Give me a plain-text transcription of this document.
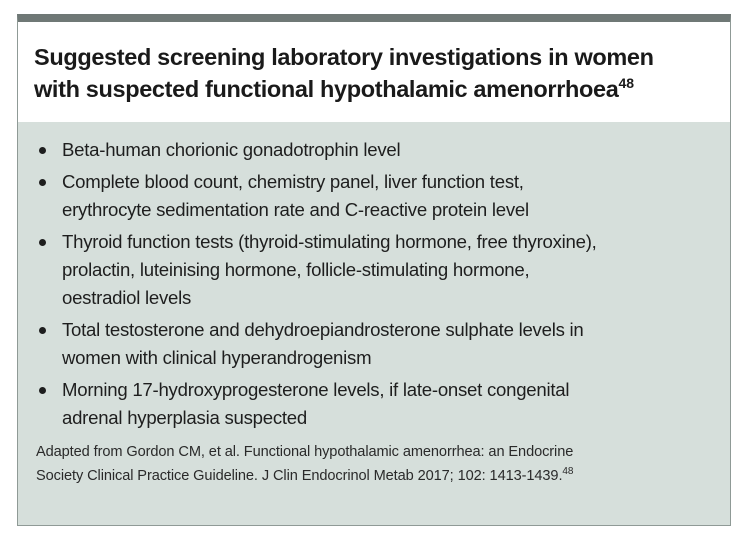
Suggested screening laboratory investigations in women
with suspected functional hypothalamic amenorrhoea$^{48}$
Beta-human chorionic gonadotrophin level
Complete blood count, chemistry panel, liver function test,
erythrocyte sedimentation rate and C-reactive protein level
Thyroid function tests (thyroid-stimulating hormone, free thyroxine),
prolactin, luteinising hormone, follicle-stimulating hormone,
oestradiol levels
Total testosterone and dehydroepiandrosterone sulphate levels in
women with clinical hyperandrogenism
Morning 17-hydroxyprogesterone levels, if late-onset congenital
adrenal hyperplasia suspected

Adapted from Gordon CM, et al. Functional hypothalamic amenorrhea: an Endocrine
Society Clinical Practice Guideline. J Clin Endocrinol Metab 2017; 102: 1413-1439.48
